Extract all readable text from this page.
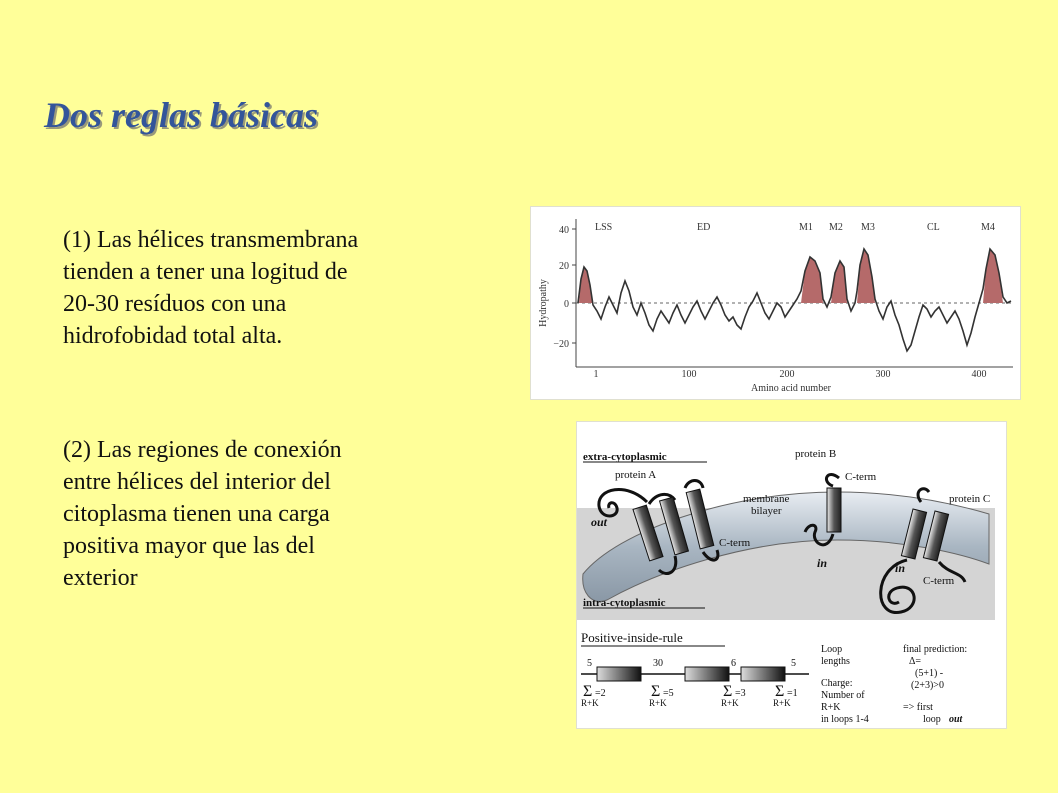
Dos reglas básicas
(1) Las hélices transmembrana
tienden a tener una logitud de
20-30 resíduos con una
hidrofobidad total alta.
(2) Las regiones de conexión
entre hélices del interior del
citoplasma tienen una carga
positiva mayor que las del
exterior
40
20
0
−20
Hydropathy
1	100	200	300	400
Amino acid number
LSS	ED	M1 M2 M3	CL	M4
extra-cytoplasmic
intra-cytoplasmic
protein A
protein B
protein C
membrane
bilayer
C-term
C-term
C-term
out
in	in
Positive-inside-rule
5	30	6	5
Σ =2
R+K
Σ =5
R+K
Σ =3
R+K
Σ =1
R+K
Loop
lengths
Charge:
Number of
R+K
in loops 1-4
final prediction:
Δ=
(5+1) -
(2+3)>0
=> first
loop out
